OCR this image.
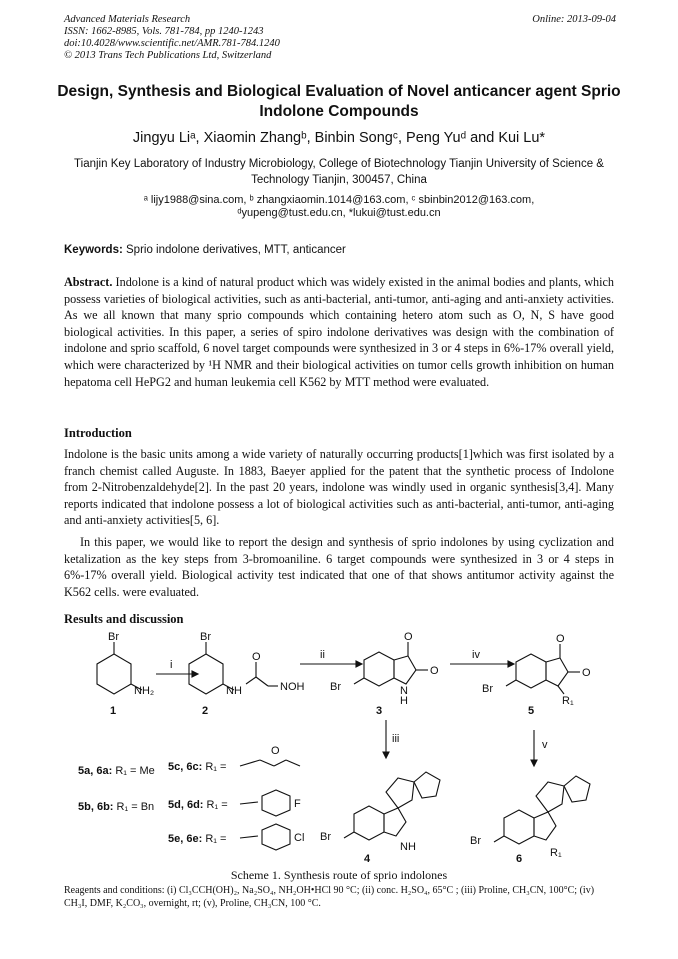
Advanced Materials Research
ISSN: 1662-8985, Vols. 781-784, pp 1240-1243
doi:10.4028/www.scientific.net/AMR.781-784.1240
© 2013 Trans Tech Publications Ltd, Switzerland
Online: 2013-09-04
Design, Synthesis and Biological Evaluation of Novel anticancer agent Sprio Indolone Compounds
Jingyu Liᵃ, Xiaomin Zhangᵇ, Binbin Songᶜ, Peng Yuᵈ and Kui Lu*
Tianjin Key Laboratory of Industry Microbiology, College of Biotechnology Tianjin University of Science & Technology Tianjin, 300457, China
ᵃ lijy1988@sina.com, ᵇ zhangxiaomin.1014@163.com, ᶜ sbinbin2012@163.com,
ᵈyupeng@tust.edu.cn, *lukui@tust.edu.cn
Keywords: Sprio indolone derivatives, MTT, anticancer
Abstract. Indolone is a kind of natural product which was widely existed in the animal bodies and plants, which possess varieties of biological activities, such as anti-bacterial, anti-tumor, anti-aging and anti-anxiety activities. As we all known that many sprio compounds which containing hetero atom such as O, N, S have good biological activities. In this paper, a series of spiro indolone derivatives was design with the combination of indolone and sprio scaffold, 6 novel target compounds were synthesized in 3 or 4 steps in 6%-17% overall yield, which were characterized by ¹H NMR and their biological activities on tumor cells growth inhibition on human hepatoma cell HePG2 and human leukemia cell K562 by MTT method were evaluated.
Introduction
Indolone is the basic units among a wide variety of naturally occurring products[1]which was first isolated by a franch chemist called Auguste. In 1883, Baeyer applied for the patent that the synthetic process of Indolone from 2-Nitrobenzaldehyde[2]. In the past 20 years, indolone was windly used in organic synthesis[3,4]. Many reports indicated that indolone possess a lot of biological activities such as anti-bacterial, anti-tumor, anti-aging and anti-anxiety activities[5, 6].
In this paper, we would like to report the design and synthesis of sprio indolones by using cyclization and ketalization as the key steps from 3-bromoaniline. 6 target compounds were synthesized in 3 or 4 steps in 6%-17% overall yield. Biological activity test indicated that one of that shows antitumor activity against the K562 cells. were evaluated.
Results and discussion
Br
NH₂
1
i
Br
NH
O
NOH
2
ii
O
O
N
H
Br
3
iv
O
O
Br
R₁
5
iii	v
Br
NH
4
Br
R₁
6
5a, 6a: R₁ = Me
5b, 6b: R₁ = Bn
5c, 6c: R₁ =
5d, 6d: R₁ =
5e, 6e: R₁ =
F
Cl
O
Scheme 1. Synthesis route of sprio indolones
Reagents and conditions: (i) Cl₃CCH(OH)₂, Na₂SO₄, NH₂OH•HCl 90 °C; (ii) conc. H₂SO₄, 65°C ; (iii) Proline, CH₃CN, 100°C; (iv) CH₃I, DMF, K₂CO₃, overnight, rt; (v), Proline, CH₃CN, 100 °C.
